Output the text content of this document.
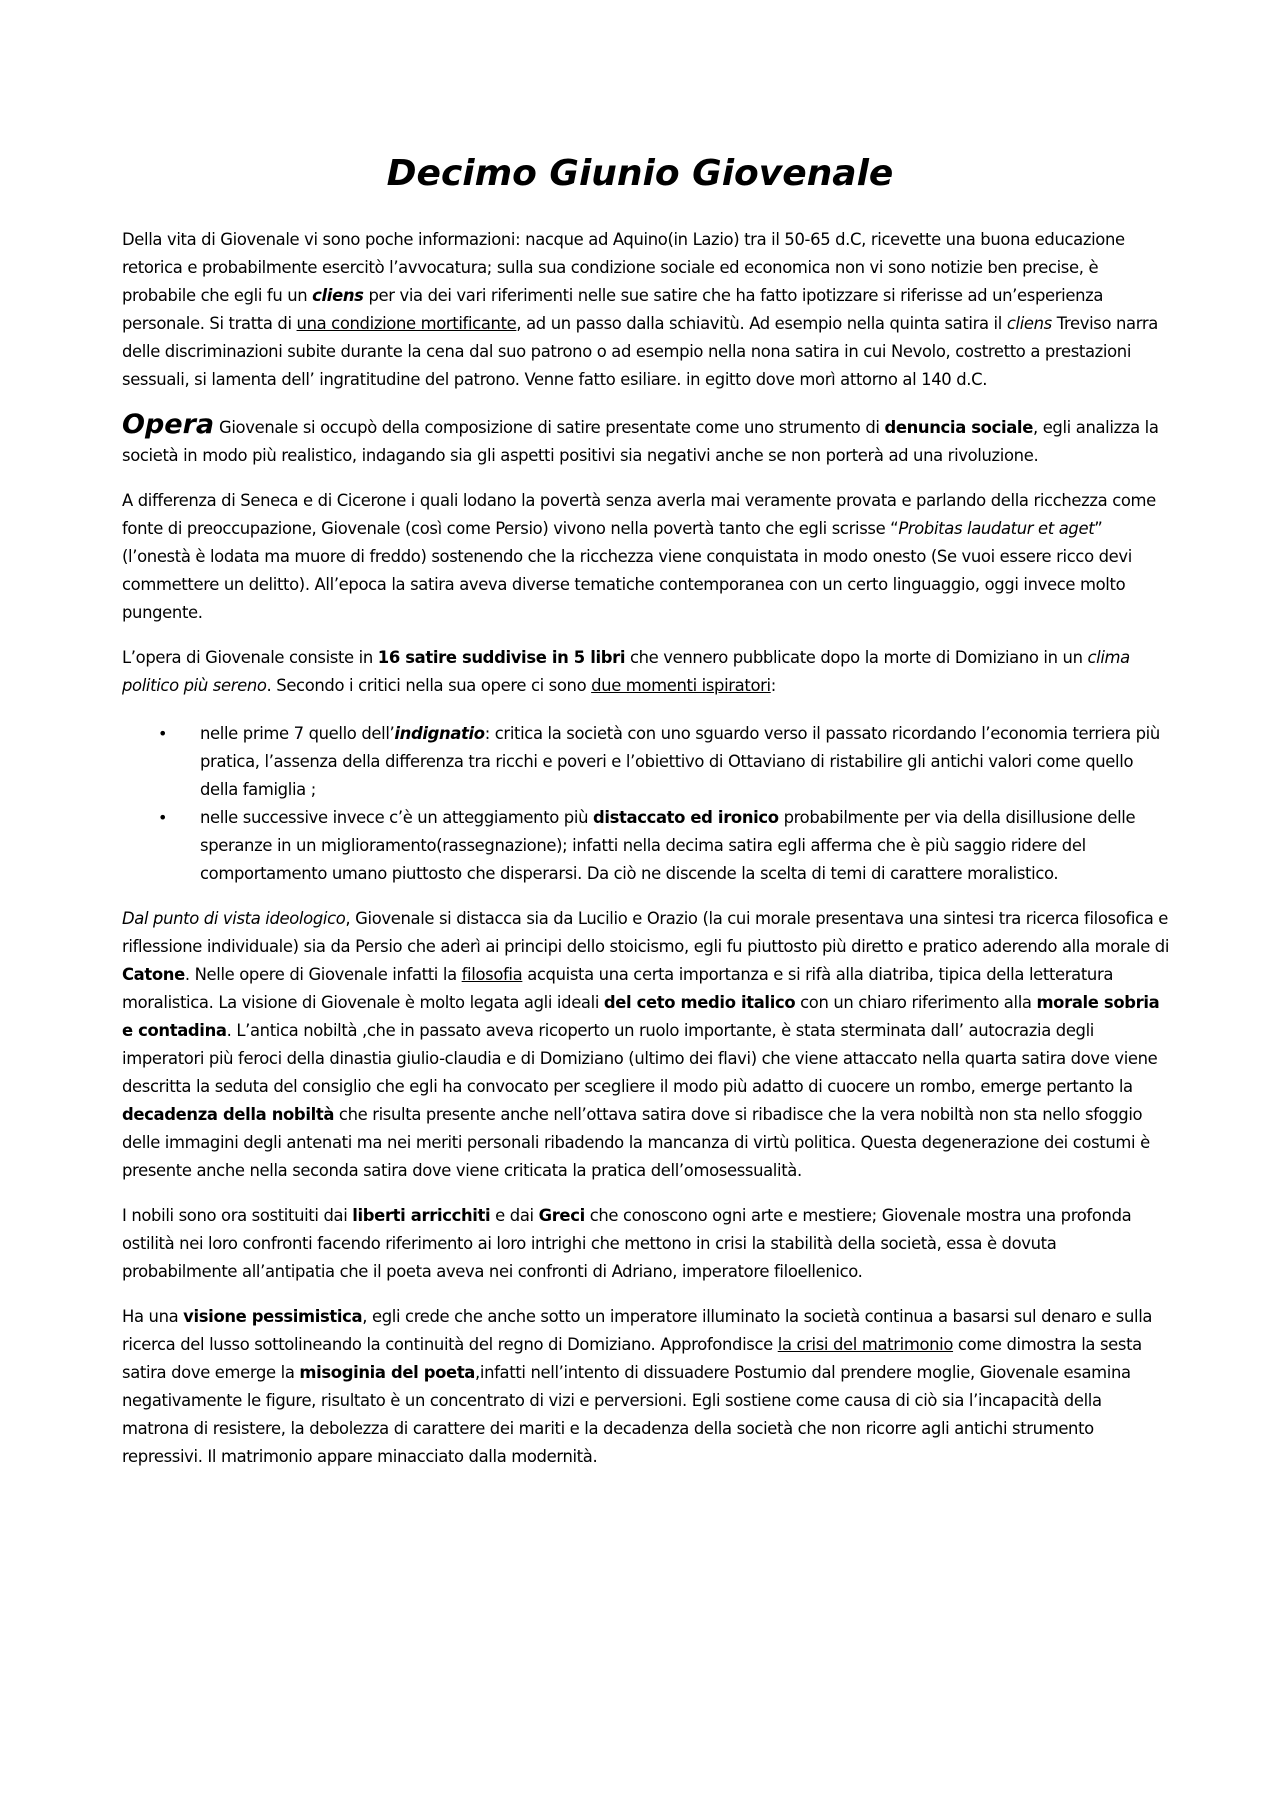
Decimo Giunio Giovenale

Della vita di Giovenale vi sono poche informazioni: nacque ad Aquino(in Lazio) tra il 50-65 d.C, ricevette una buona educazione retorica e probabilmente esercitò l’avvocatura; sulla sua condizione sociale ed economica non vi sono notizie ben precise, è probabile che egli fu un cliens per via dei vari riferimenti nelle sue satire che ha fatto ipotizzare si riferisse ad un’esperienza personale. Si tratta di una condizione mortificante, ad un passo dalla schiavitù. Ad esempio nella quinta satira il cliens Treviso narra delle discriminazioni subite durante la cena dal suo patrono o ad esempio nella nona satira in cui Nevolo, costretto a prestazioni sessuali, si lamenta dell’ ingratitudine del patrono. Venne fatto esiliare. in egitto dove morì attorno al 140 d.C.

Opera Giovenale si occupò della composizione di satire presentate come uno strumento di denuncia sociale, egli analizza la società in modo più realistico, indagando sia gli aspetti positivi sia negativi anche se non porterà ad una rivoluzione.

A differenza di Seneca e di Cicerone i quali lodano la povertà senza averla mai veramente provata e parlando della ricchezza come fonte di preoccupazione, Giovenale (così come Persio) vivono nella povertà tanto che egli scrisse “Probitas laudatur et aget” (l’onestà è lodata ma muore di freddo) sostenendo che la ricchezza viene conquistata in modo onesto (Se vuoi essere ricco devi commettere un delitto). All’epoca la satira aveva diverse tematiche contemporanea con un certo linguaggio, oggi invece molto pungente.

L’opera di Giovenale consiste in 16 satire suddivise in 5 libri che vennero pubblicate dopo la morte di Domiziano in un clima politico più sereno. Secondo i critici nella sua opere ci sono due momenti ispiratori:

• nelle prime 7 quello dell’indignatio: critica la società con uno sguardo verso il passato ricordando l’economia terriera più pratica, l’assenza della differenza tra ricchi e poveri e l’obiettivo di Ottaviano di ristabilire gli antichi valori come quello della famiglia ;
• nelle successive invece c’è un atteggiamento più distaccato ed ironico probabilmente per via della disillusione delle speranze in un miglioramento(rassegnazione); infatti nella decima satira egli afferma che è più saggio ridere del comportamento umano piuttosto che disperarsi. Da ciò ne discende la scelta di temi di carattere moralistico.

Dal punto di vista ideologico, Giovenale si distacca sia da Lucilio e Orazio (la cui morale presentava una sintesi tra ricerca filosofica e riflessione individuale) sia da Persio che aderì ai principi dello stoicismo, egli fu piuttosto più diretto e pratico aderendo alla morale di Catone. Nelle opere di Giovenale infatti la filosofia acquista una certa importanza e si rifà alla diatriba, tipica della letteratura moralistica. La visione di Giovenale è molto legata agli ideali del ceto medio italico con un chiaro riferimento alla morale sobria e contadina. L’antica nobiltà ,che in passato aveva ricoperto un ruolo importante, è stata sterminata dall’ autocrazia degli imperatori più feroci della dinastia giulio-claudia e di Domiziano (ultimo dei flavi) che viene attaccato nella quarta satira dove viene descritta la seduta del consiglio che egli ha convocato per scegliere il modo più adatto di cuocere un rombo, emerge pertanto la decadenza della nobiltà che risulta presente anche nell’ottava satira dove si ribadisce che la vera nobiltà non sta nello sfoggio delle immagini degli antenati ma nei meriti personali ribadendo la mancanza di virtù politica. Questa degenerazione dei costumi è presente anche nella seconda satira dove viene criticata la pratica dell’omosessualità.

I nobili sono ora sostituiti dai liberti arricchiti e dai Greci che conoscono ogni arte e mestiere; Giovenale mostra una profonda ostilità nei loro confronti facendo riferimento ai loro intrighi che mettono in crisi la stabilità della società, essa è dovuta probabilmente all’antipatia che il poeta aveva nei confronti di Adriano, imperatore filoellenico.

Ha una visione pessimistica, egli crede che anche sotto un imperatore illuminato la società continua a basarsi sul denaro e sulla ricerca del lusso sottolineando la continuità del regno di Domiziano. Approfondisce la crisi del matrimonio come dimostra la sesta satira dove emerge la misoginia del poeta,infatti nell’intento di dissuadere Postumio dal prendere moglie, Giovenale esamina negativamente le figure, risultato è un concentrato di vizi e perversioni. Egli sostiene come causa di ciò sia l’incapacità della matrona di resistere, la debolezza di carattere dei mariti e la decadenza della società che non ricorre agli antichi strumento repressivi. Il matrimonio appare minacciato dalla modernità.
